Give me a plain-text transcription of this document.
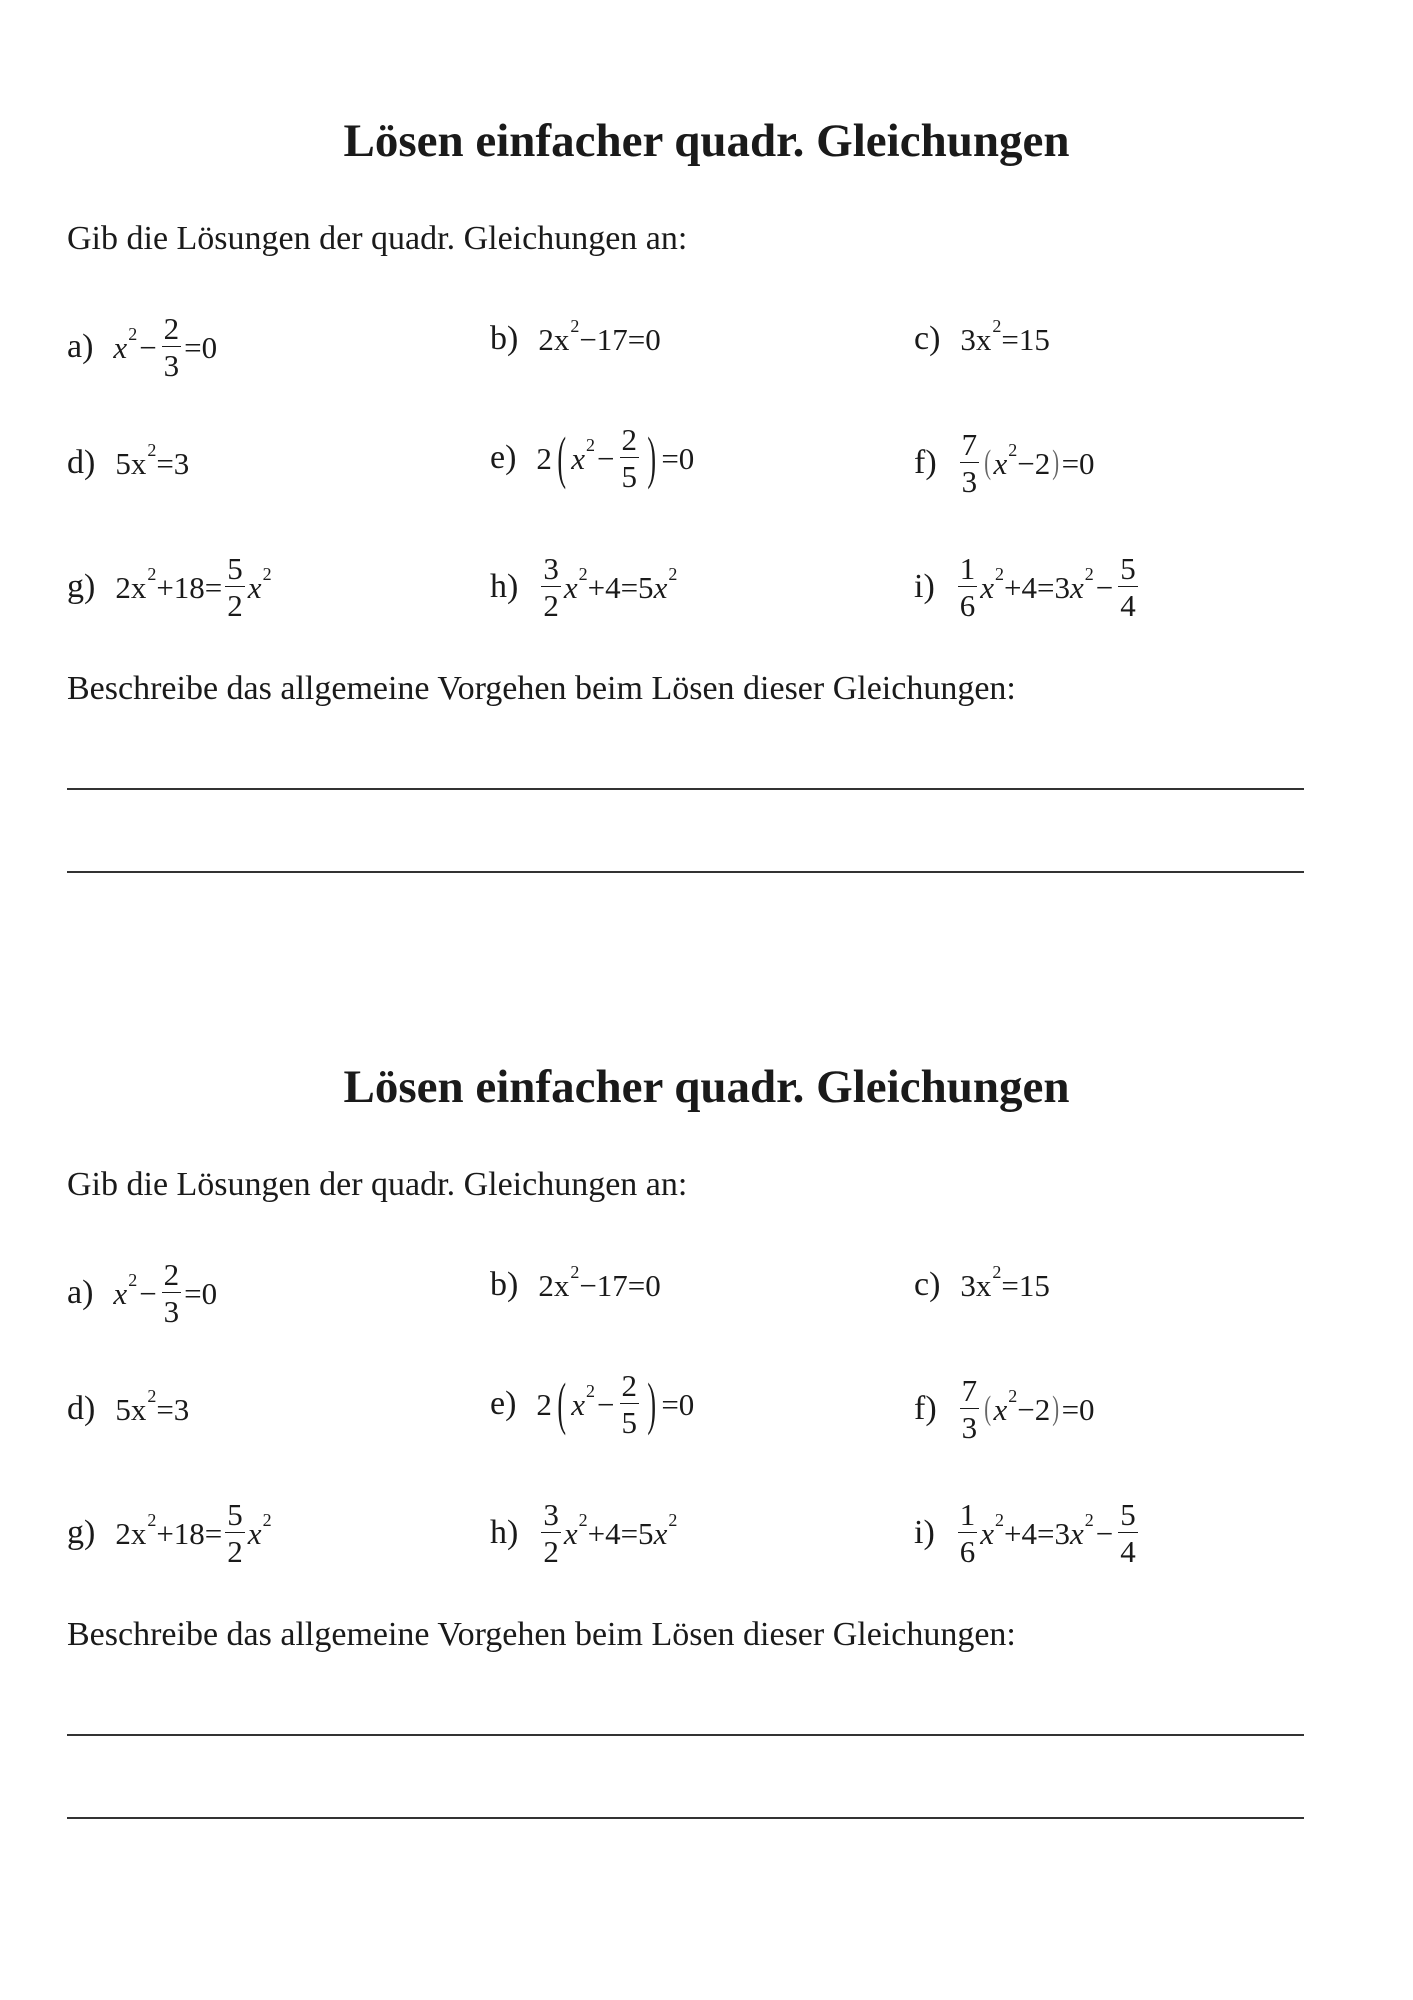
Lösen einfacher quadr. Gleichungen
Gib die Lösungen der quadr. Gleichungen an:
a) x $2 - \frac{2}{3} =0$	b) 2x 2 −17=0	c) 3x 2 =15
d) 5x 2 =3	e) 2 ( x $2 - \frac{2}{5}$ ) =0	$f) \frac{7}{3}$ ( x 2 −2 ) =0
g) 2x $2 +18= \frac{5}{2}$ x 2	$h) \frac{3}{2}$ x 2 +4=5 x 2	$i) \frac{1}{6}$ x 2 +4=3 x $2 - \frac{5}{4}$
Beschreibe das allgemeine Vorgehen beim Lösen dieser Gleichungen:
Lösen einfacher quadr. Gleichungen
Gib die Lösungen der quadr. Gleichungen an:
a) x $2 - \frac{2}{3} =0$	b) 2x 2 −17=0	c) 3x 2 =15
d) 5x 2 =3	e) 2 ( x $2 - \frac{2}{5}$ ) =0	$f) \frac{7}{3}$ ( x 2 −2 ) =0
g) 2x $2 +18= \frac{5}{2}$ x 2	$h) \frac{3}{2}$ x 2 +4=5 x 2	$i) \frac{1}{6}$ x 2 +4=3 x $2 - \frac{5}{4}$
Beschreibe das allgemeine Vorgehen beim Lösen dieser Gleichungen:
